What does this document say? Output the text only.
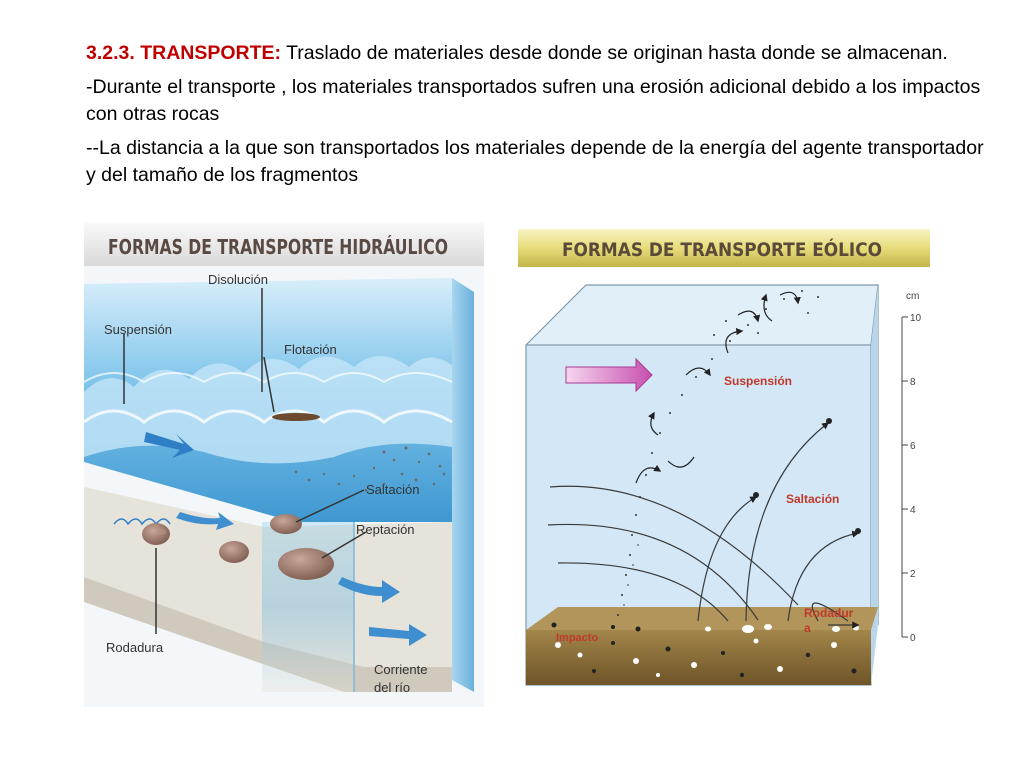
3.2.3. TRANSPORTE: Traslado de materiales desde donde se originan hasta donde se almacenan.

-Durante el transporte , los materiales transportados sufren una erosión adicional debido a los impactos con otras rocas

--La distancia a la que son transportados los materiales depende de la energía del agente transportador y del tamaño de los fragmentos

FORMAS DE TRANSPORTE HIDRÁULICO
Disolución
Suspensión
Flotación
Saltación
Reptación
Rodadura
Corriente
del río
FORMAS DE TRANSPORTE EÓLICO
Suspensión
Saltación
Rodadur
a
Impacto
cm
10
8
6
4
2
0
